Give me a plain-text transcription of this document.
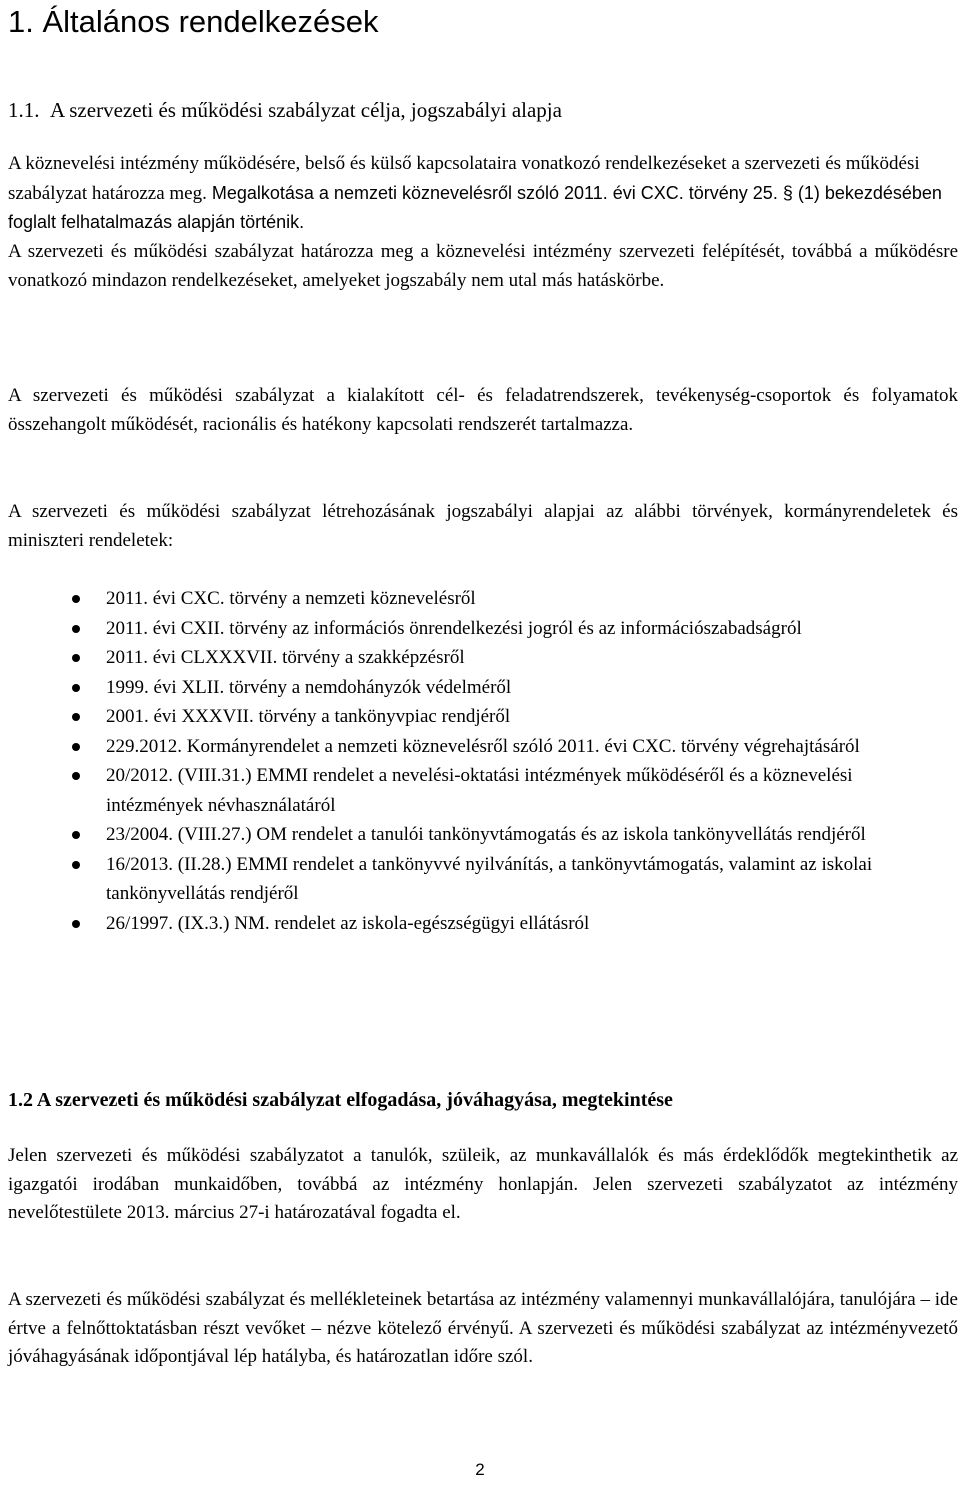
1. Általános rendelkezések
1.1. A szervezeti és működési szabályzat célja, jogszabályi alapja

A köznevelési intézmény működésére, belső és külső kapcsolataira vonatkozó rendelkezéseket a szervezeti és működési szabályzat határozza meg. Megalkotása a nemzeti köznevelésről szóló 2011. évi CXC. törvény 25. § (1) bekezdésében foglalt felhatalmazás alapján történik.

A szervezeti és működési szabályzat határozza meg a köznevelési intézmény szervezeti felépítését, továbbá a működésre vonatkozó mindazon rendelkezéseket, amelyeket jogszabály nem utal más hatáskörbe.

A szervezeti és működési szabályzat a kialakított cél- és feladatrendszerek, tevékenység-csoportok és folyamatok összehangolt működését, racionális és hatékony kapcsolati rendszerét tartalmazza.

A szervezeti és működési szabályzat létrehozásának jogszabályi alapjai az alábbi törvények, kormányrendeletek és miniszteri rendeletek:

2011. évi CXC. törvény a nemzeti köznevelésről
2011. évi CXII. törvény az információs önrendelkezési jogról és az információszabadságról
2011. évi CLXXXVII. törvény a szakképzésről
1999. évi XLII. törvény a nemdohányzók védelméről
2001. évi XXXVII. törvény a tankönyvpiac rendjéről
229.2012. Kormányrendelet a nemzeti köznevelésről szóló 2011. évi CXC. törvény végrehajtásáról
20/2012. (VIII.31.) EMMI rendelet a nevelési-oktatási intézmények működéséről és a köznevelési intézmények névhasználatáról
23/2004. (VIII.27.) OM rendelet a tanulói tankönyvtámogatás és az iskola tankönyvellátás rendjéről
16/2013. (II.28.) EMMI rendelet a tankönyvvé nyilvánítás, a tankönyvtámogatás, valamint az iskolai tankönyvellátás rendjéről
26/1997. (IX.3.) NM. rendelet az iskola-egészségügyi ellátásról
1.2 A szervezeti és működési szabályzat elfogadása, jóváhagyása, megtekintése

Jelen szervezeti és működési szabályzatot a tanulók, szüleik, az munkavállalók és más érdeklődők megtekinthetik az igazgatói irodában munkaidőben, továbbá az intézmény honlapján. Jelen szervezeti szabályzatot az intézmény nevelőtestülete 2013. március 27-i határozatával fogadta el.

A szervezeti és működési szabályzat és mellékleteinek betartása az intézmény valamennyi munkavállalójára, tanulójára – ide értve a felnőttoktatásban részt vevőket – nézve kötelező érvényű. A szervezeti és működési szabályzat az intézményvezető jóváhagyásának időpontjával lép hatályba, és határozatlan időre szól.

2
